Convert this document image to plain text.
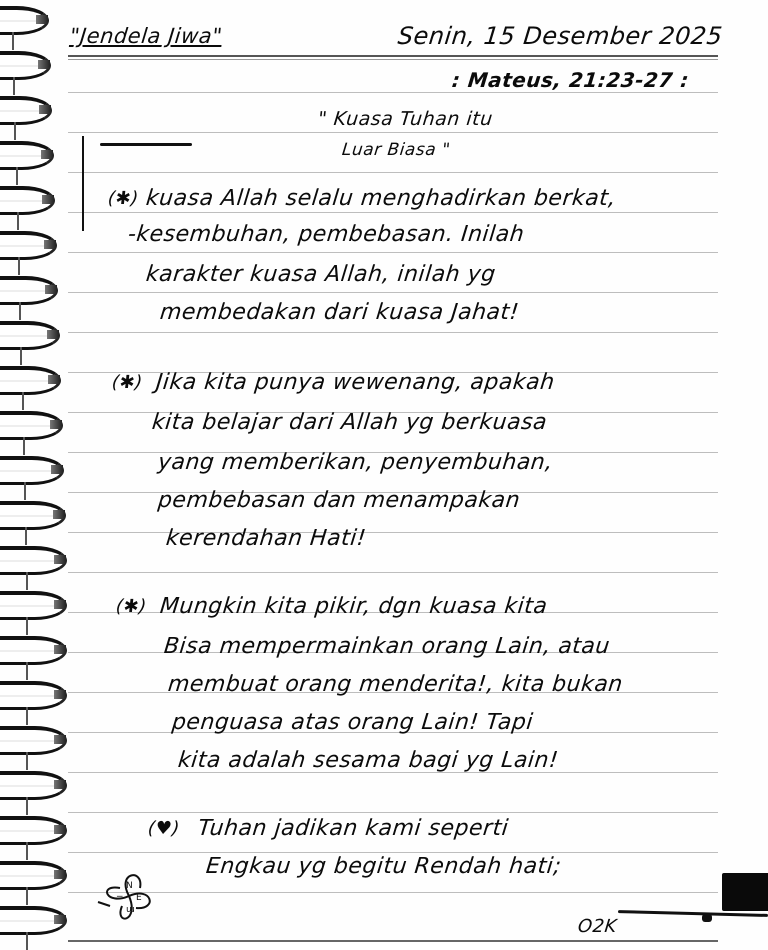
"Jendela Jiwa"	Senin, 15 Desember 2025
: Mateus, 21:23-27 :
" Kuasa Tuhan itu
Luar Biasa "
(✱) kuasa Allah selalu menghadirkan berkat,
-kesembuhan, pembebasan. Inilah
karakter kuasa Allah, inilah yg
membedakan dari kuasa Jahat!
(✱) Jika kita punya wewenang, apakah
kita belajar dari Allah yg berkuasa
yang memberikan, penyembuhan,
pembebasan dan menampakan
kerendahan Hati!
(✱) Mungkin kita pikir, dgn kuasa kita
Bisa mempermainkan orang Lain, atau
membuat orang menderita!, kita bukan
penguasa atas orang Lain! Tapi
kita adalah sesama bagi yg Lain!
(♥) Tuhan jadikan kami seperti
Engkau yg begitu Rendah hati;
N
E
ɯ
=
O2K
